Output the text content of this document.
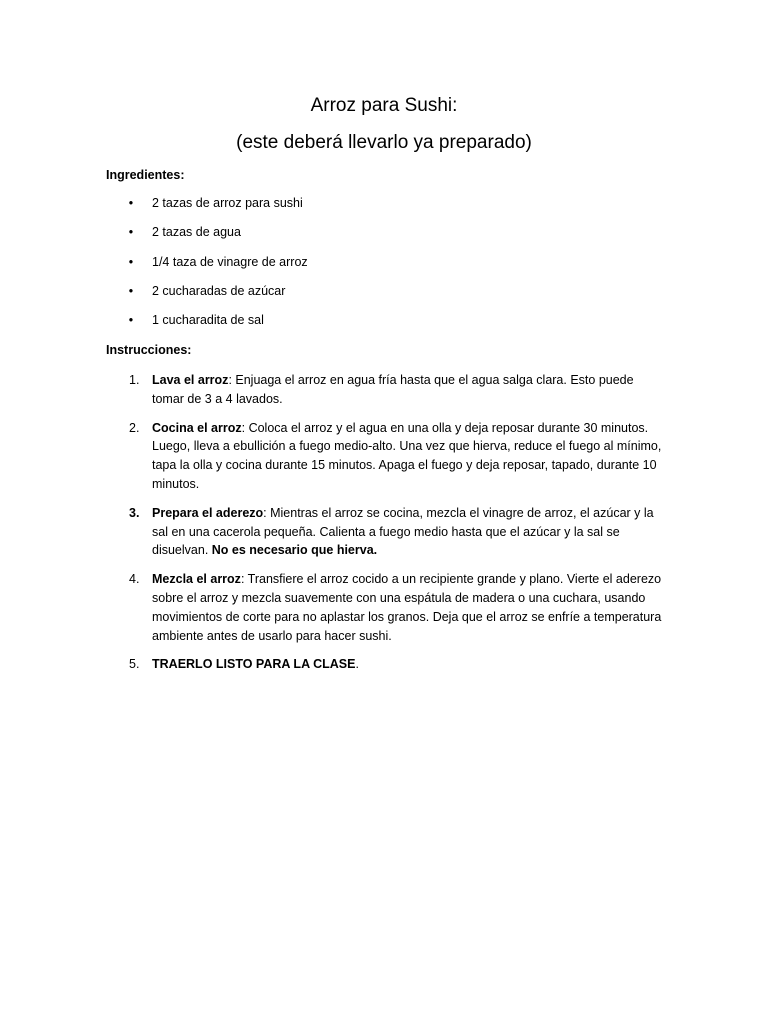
Arroz para Sushi:
(este deberá llevarlo ya preparado)
Ingredientes:
• 2 tazas de arroz para sushi
• 2 tazas de agua
• 1/4 taza de vinagre de arroz
• 2 cucharadas de azúcar
• 1 cucharadita de sal
Instrucciones:
1. Lava el arroz: Enjuaga el arroz en agua fría hasta que el agua salga clara. Esto puede tomar de 3 a 4 lavados.
2. Cocina el arroz: Coloca el arroz y el agua en una olla y deja reposar durante 30 minutos. Luego, lleva a ebullición a fuego medio-alto. Una vez que hierva, reduce el fuego al mínimo, tapa la olla y cocina durante 15 minutos. Apaga el fuego y deja reposar, tapado, durante 10 minutos.
3. Prepara el aderezo: Mientras el arroz se cocina, mezcla el vinagre de arroz, el azúcar y la sal en una cacerola pequeña. Calienta a fuego medio hasta que el azúcar y la sal se disuelvan. No es necesario que hierva.
4. Mezcla el arroz: Transfiere el arroz cocido a un recipiente grande y plano. Vierte el aderezo sobre el arroz y mezcla suavemente con una espátula de madera o una cuchara, usando movimientos de corte para no aplastar los granos. Deja que el arroz se enfríe a temperatura ambiente antes de usarlo para hacer sushi.
5. TRAERLO LISTO PARA LA CLASE.
